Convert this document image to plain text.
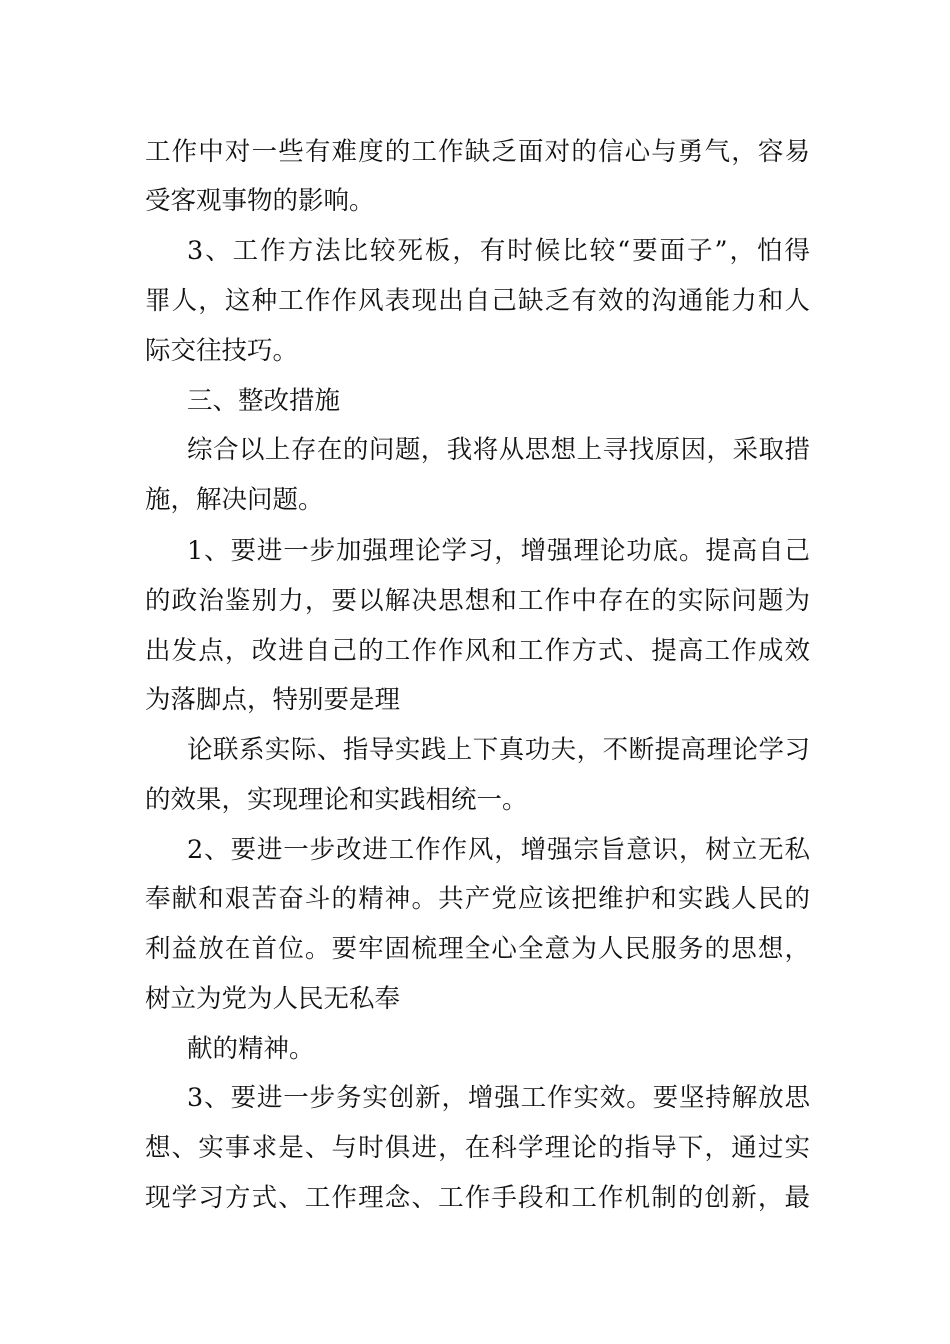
工作中对一些有难度的工作缺乏面对的信心与勇气，容易
受客观事物的影响。
3、工作方法比较死板，有时候比较“要面子”，怕得
罪人，这种工作作风表现出自己缺乏有效的沟通能力和人
际交往技巧。
三、整改措施
综合以上存在的问题，我将从思想上寻找原因，采取措
施，解决问题。
1、要进一步加强理论学习，增强理论功底。提高自己
的政治鉴别力，要以解决思想和工作中存在的实际问题为
出发点，改进自己的工作作风和工作方式、提高工作成效
为落脚点，特别要是理
论联系实际、指导实践上下真功夫，不断提高理论学习
的效果，实现理论和实践相统一。
2、要进一步改进工作作风，增强宗旨意识，树立无私
奉献和艰苦奋斗的精神。共产党应该把维护和实践人民的
利益放在首位。要牢固梳理全心全意为人民服务的思想，
树立为党为人民无私奉
献的精神。
3、要进一步务实创新，增强工作实效。要坚持解放思
想、实事求是、与时俱进，在科学理论的指导下，通过实
现学习方式、工作理念、工作手段和工作机制的创新，最
